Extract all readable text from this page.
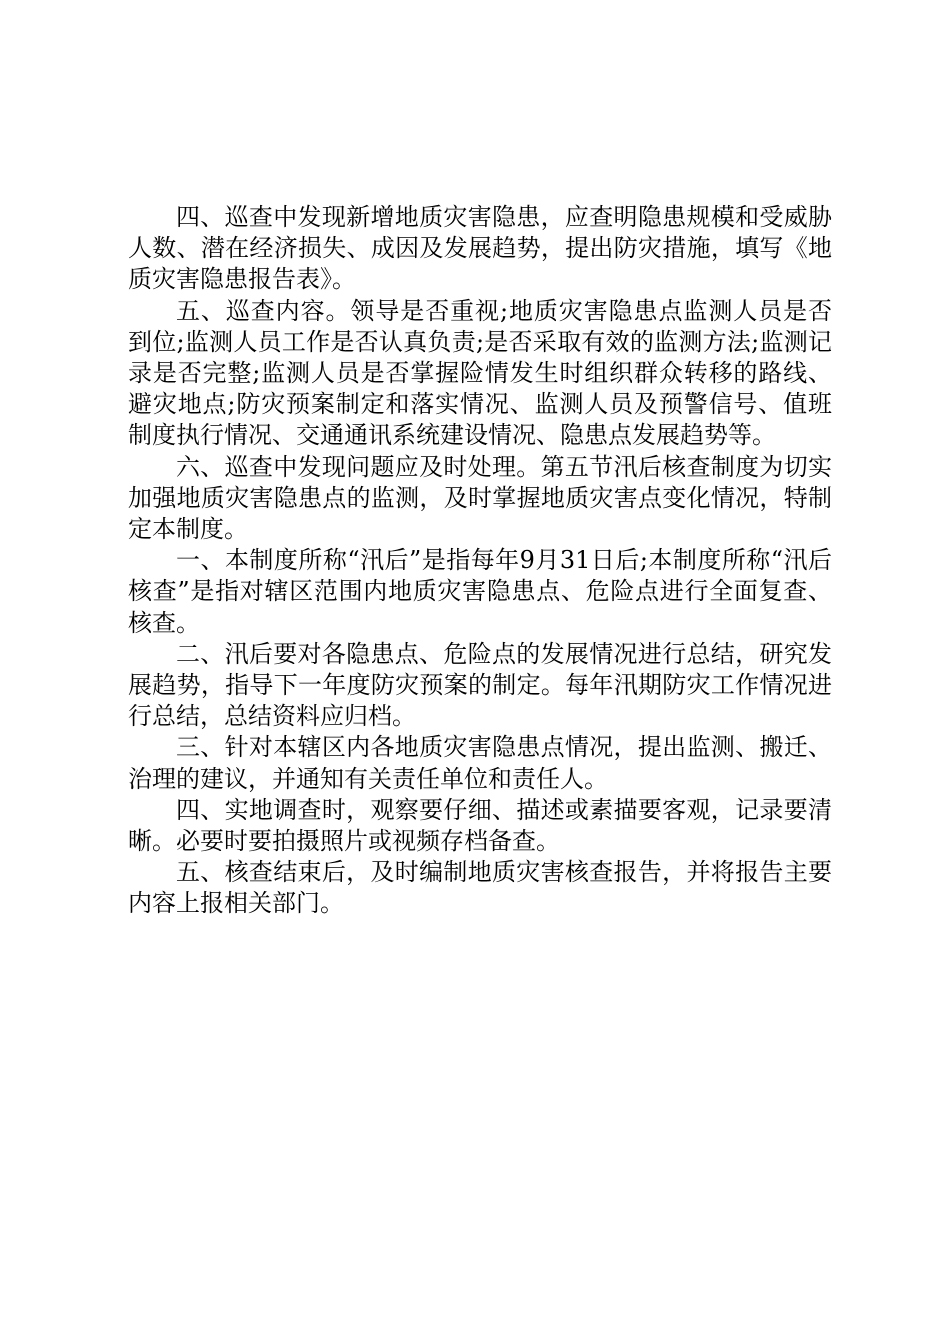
四、巡查中发现新增地质灾害隐患，应查明隐患规模和受威胁人数、潜在经济损失、成因及发展趋势，提出防灾措施，填写《地质灾害隐患报告表》。

五、巡查内容。领导是否重视;地质灾害隐患点监测人员是否到位;监测人员工作是否认真负责;是否采取有效的监测方法;监测记录是否完整;监测人员是否掌握险情发生时组织群众转移的路线、避灾地点;防灾预案制定和落实情况、监测人员及预警信号、值班制度执行情况、交通通讯系统建设情况、隐患点发展趋势等。

六、巡查中发现问题应及时处理。第五节汛后核查制度为切实加强地质灾害隐患点的监测，及时掌握地质灾害点变化情况，特制定本制度。

一、本制度所称“汛后”是指每年9月31日后;本制度所称“汛后核查”是指对辖区范围内地质灾害隐患点、危险点进行全面复查、核查。

二、汛后要对各隐患点、危险点的发展情况进行总结，研究发展趋势，指导下一年度防灾预案的制定。每年汛期防灾工作情况进行总结，总结资料应归档。

三、针对本辖区内各地质灾害隐患点情况，提出监测、搬迁、治理的建议，并通知有关责任单位和责任人。

四、实地调查时，观察要仔细、描述或素描要客观，记录要清晰。必要时要拍摄照片或视频存档备查。

五、核查结束后，及时编制地质灾害核查报告，并将报告主要内容上报相关部门。
